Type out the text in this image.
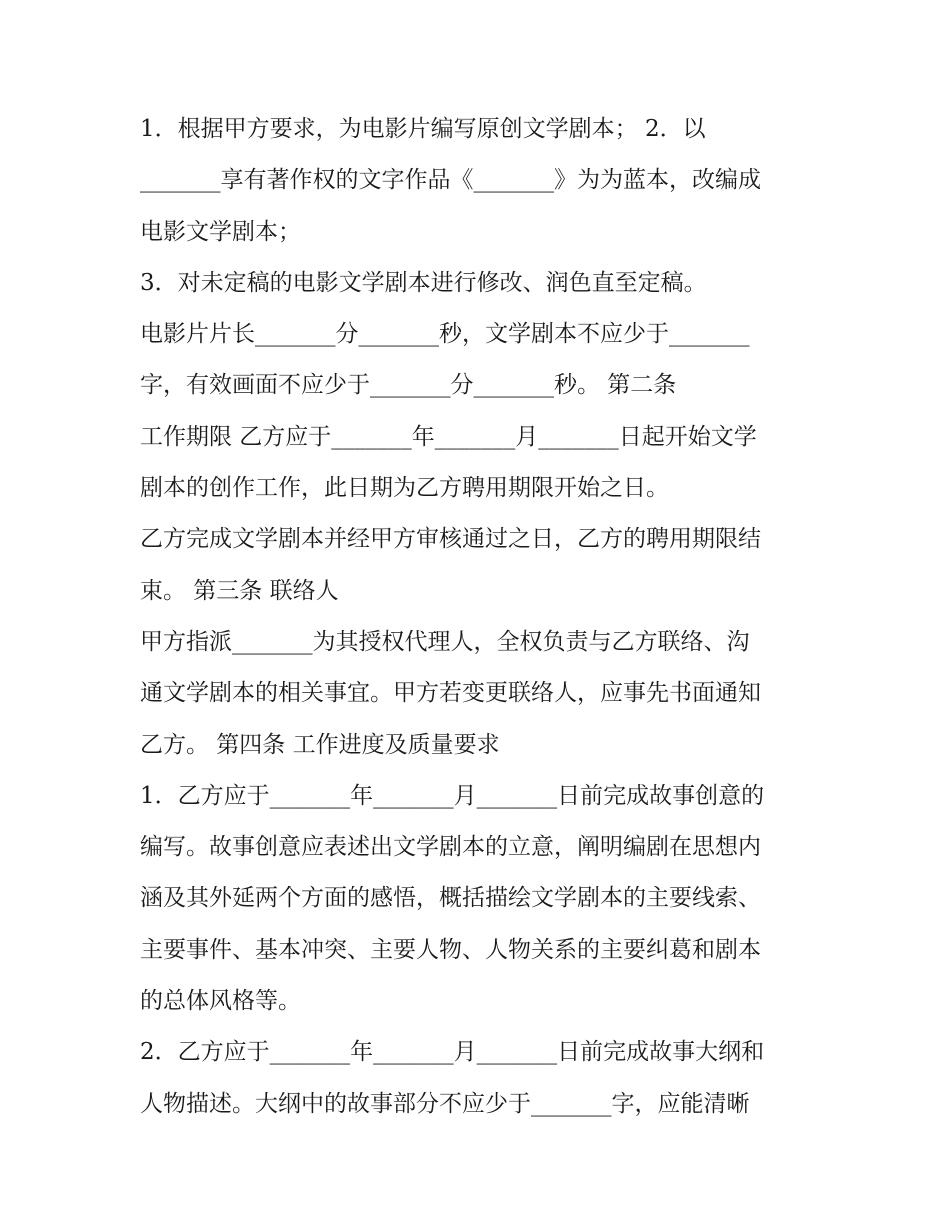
1．根据甲方要求，为电影片编写原创文学剧本； 2．以
_______享有著作权的文字作品《_______》为为蓝本，改编成
电影文学剧本；
3．对未定稿的电影文学剧本进行修改、润色直至定稿。
电影片片长_______分_______秒，文学剧本不应少于_______
字，有效画面不应少于_______分_______秒。 第二条
工作期限 乙方应于_______年_______月_______日起开始文学
剧本的创作工作，此日期为乙方聘用期限开始之日。
乙方完成文学剧本并经甲方审核通过之日，乙方的聘用期限结
束。 第三条 联络人
甲方指派_______为其授权代理人，全权负责与乙方联络、沟
通文学剧本的相关事宜。甲方若变更联络人，应事先书面通知
乙方。 第四条 工作进度及质量要求
1．乙方应于_______年_______月_______日前完成故事创意的
编写。故事创意应表述出文学剧本的立意，阐明编剧在思想内
涵及其外延两个方面的感悟，概括描绘文学剧本的主要线索、
主要事件、基本冲突、主要人物、人物关系的主要纠葛和剧本
的总体风格等。
2．乙方应于_______年_______月_______日前完成故事大纲和
人物描述。大纲中的故事部分不应少于_______字，应能清晰
